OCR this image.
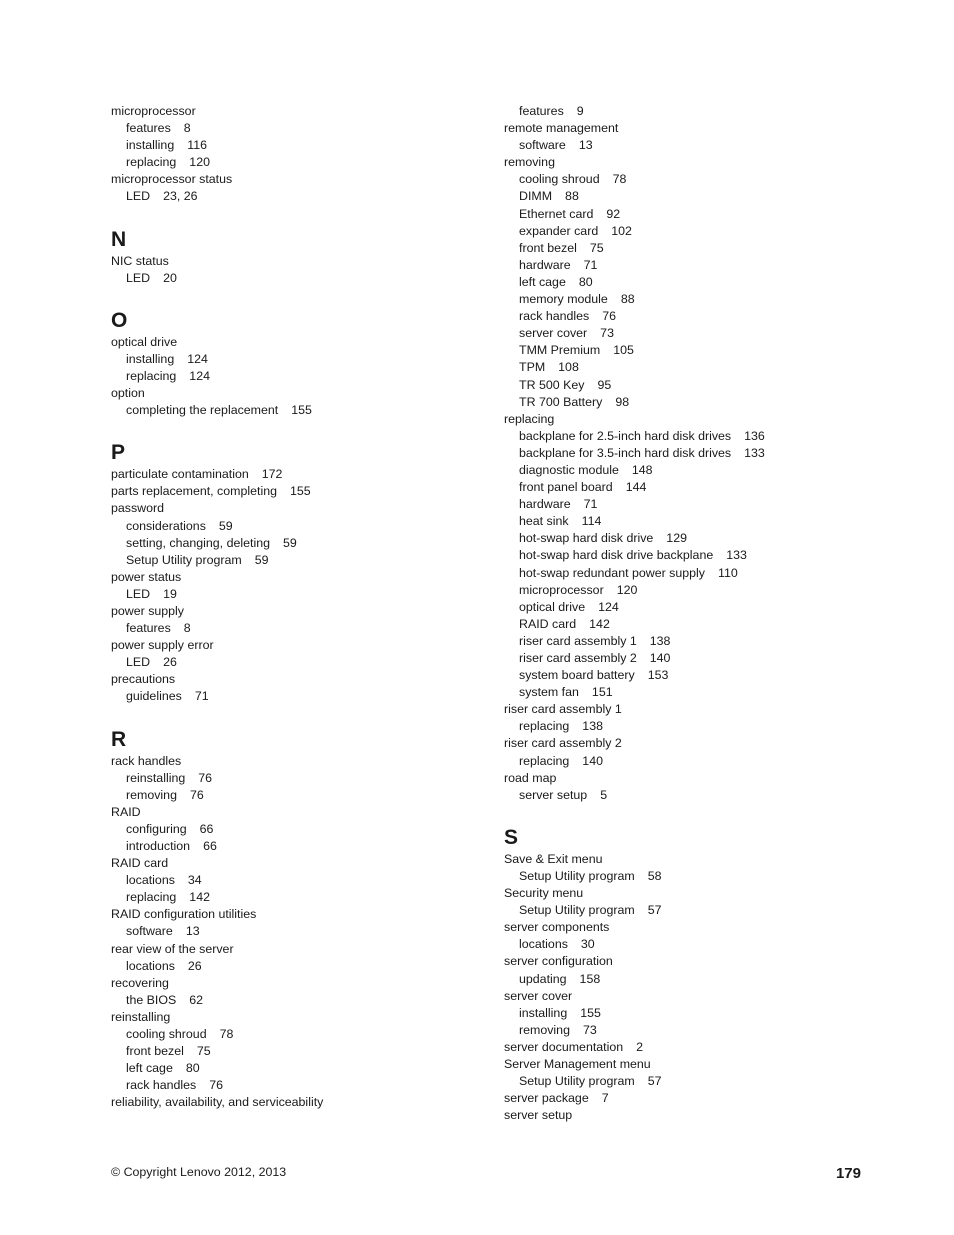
microprocessor
features 8
installing 116
replacing 120
microprocessor status
LED 23, 26
N
NIC status
LED 20
O
optical drive
installing 124
replacing 124
option
completing the replacement 155
P
particulate contamination 172
parts replacement, completing 155
password
considerations 59
setting, changing, deleting 59
Setup Utility program 59
power status
LED 19
power supply
features 8
power supply error
LED 26
precautions
guidelines 71
R
rack handles
reinstalling 76
removing 76
RAID
configuring 66
introduction 66
RAID card
locations 34
replacing 142
RAID configuration utilities
software 13
rear view of the server
locations 26
recovering
the BIOS 62
reinstalling
cooling shroud 78
front bezel 75
left cage 80
rack handles 76
reliability, availability, and serviceability
features 9
remote management
software 13
removing
cooling shroud 78
DIMM 88
Ethernet card 92
expander card 102
front bezel 75
hardware 71
left cage 80
memory module 88
rack handles 76
server cover 73
TMM Premium 105
TPM 108
TR 500 Key 95
TR 700 Battery 98
replacing
backplane for 2.5-inch hard disk drives 136
backplane for 3.5-inch hard disk drives 133
diagnostic module 148
front panel board 144
hardware 71
heat sink 114
hot-swap hard disk drive 129
hot-swap hard disk drive backplane 133
hot-swap redundant power supply 110
microprocessor 120
optical drive 124
RAID card 142
riser card assembly 1 138
riser card assembly 2 140
system board battery 153
system fan 151
riser card assembly 1
replacing 138
riser card assembly 2
replacing 140
road map
server setup 5
S
Save & Exit menu
Setup Utility program 58
Security menu
Setup Utility program 57
server components
locations 30
server configuration
updating 158
server cover
installing 155
removing 73
server documentation 2
Server Management menu
Setup Utility program 57
server package 7
server setup
© Copyright Lenovo 2012, 2013	179
